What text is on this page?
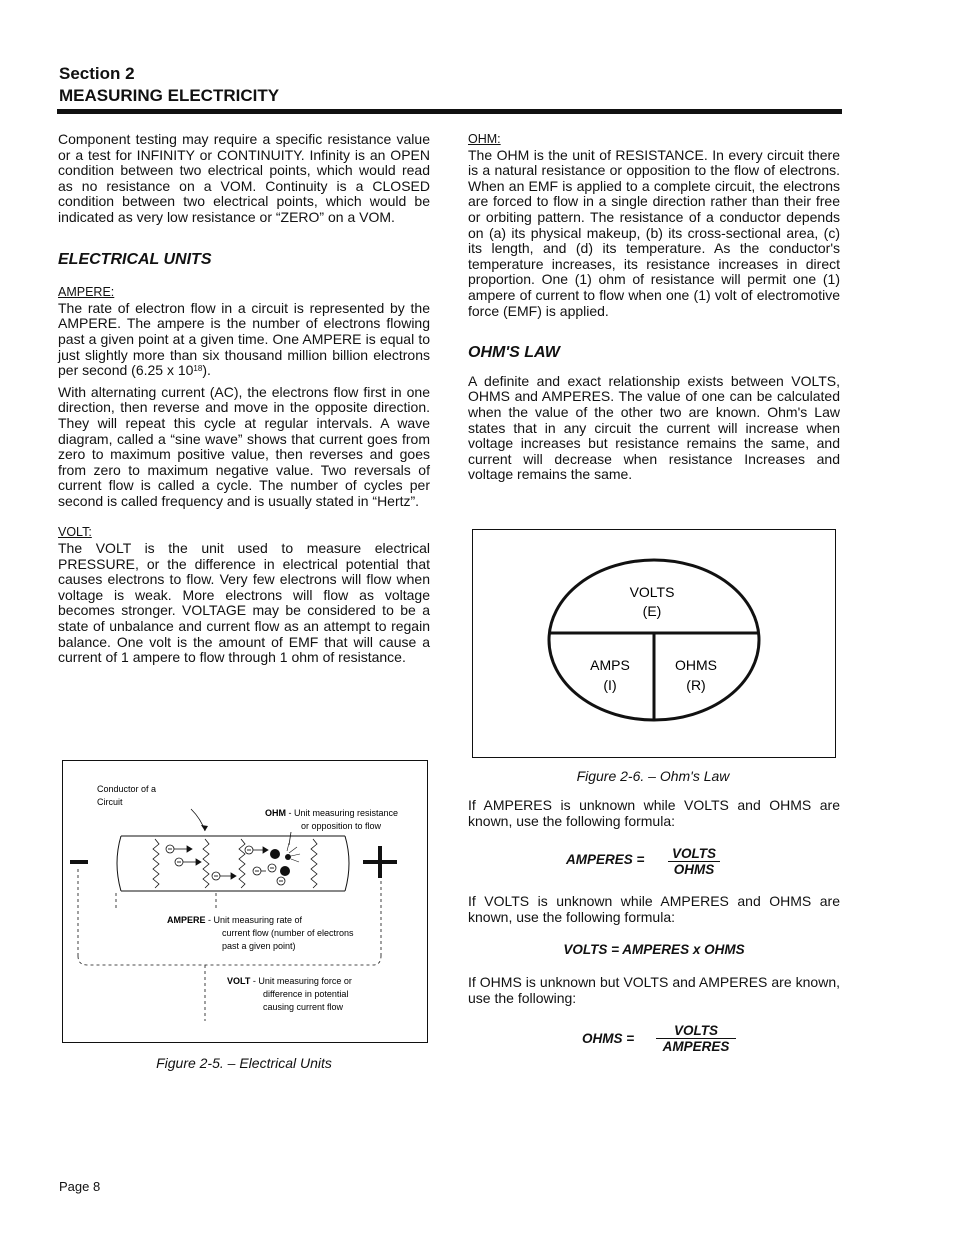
Section 2
MEASURING ELECTRICITY

Component testing may require a specific resistance value or a test for INFINITY or CONTINUITY. Infinity is an OPEN condition between two electrical points, which would read as no resistance on a VOM. Continuity is a CLOSED condition between two electrical points, which would be indicated as very low resistance or “ZERO” on a VOM.

ELECTRICAL UNITS

AMPERE:

The rate of electron flow in a circuit is represented by the AMPERE. The ampere is the number of electrons flowing past a given point at a given time. One AMPERE is equal to just slightly more than six thousand million billion electrons per second (6.25 x $10^{18}$).

With alternating current (AC), the electrons flow first in one direction, then reverse and move in the opposite direction. They will repeat this cycle at regular intervals. A wave diagram, called a “sine wave” shows that current goes from zero to maximum positive value, then reverses and goes from zero to maximum negative value. Two reversals of current flow is called a cycle. The number of cycles per second is called frequency and is usually stated in “Hertz”.

VOLT:

The VOLT is the unit used to measure electrical PRESSURE, or the difference in electrical potential that causes electrons to flow. Very few electrons will flow when voltage is weak. More electrons will flow as voltage becomes stronger. VOLTAGE may be considered to be a state of unbalance and current flow as an attempt to regain balance. One volt is the amount of EMF that will cause a current of 1 ampere to flow through 1 ohm of resistance.

Conductor of a
Circuit
OHM - Unit measuring resistance
or opposition to flow
AMPERE - Unit measuring rate of
current flow (number of electrons
past a given point)
VOLT - Unit measuring force or
difference in potential
causing current flow
Figure 2-5. – Electrical Units

OHM:

The OHM is the unit of RESISTANCE. In every circuit there is a natural resistance or opposition to the flow of electrons. When an EMF is applied to a complete circuit, the electrons are forced to flow in a single direction rather than their free or orbiting pattern. The resistance of a conductor depends on (a) its physical makeup, (b) its cross-sectional area, (c) its length, and (d) its temperature. As the conductor's temperature increases, its resistance increases in direct proportion. One (1) ohm of resistance will permit one (1) ampere of current to flow when one (1) volt of electromotive force (EMF) is applied.

OHM'S LAW

A definite and exact relationship exists between VOLTS, OHMS and AMPERES. The value of one can be calculated when the value of the other two are known. Ohm's Law states that in any circuit the current will increase when voltage increases but resistance remains the same, and current will decrease when resistance Increases and voltage remains the same.

VOLTS
(E)
AMPS
(I)
OHMS
(R)
Figure 2-6. – Ohm's Law

If AMPERES is unknown while VOLTS and OHMS are known, use the following formula:

AMPERES = VOLTS
OHMS

If VOLTS is unknown while AMPERES and OHMS are known, use the following formula:

VOLTS = AMPERES x OHMS

If OHMS is unknown but VOLTS and AMPERES are known, use the following:

OHMS =
VOLTS
AMPERES
Page 8
